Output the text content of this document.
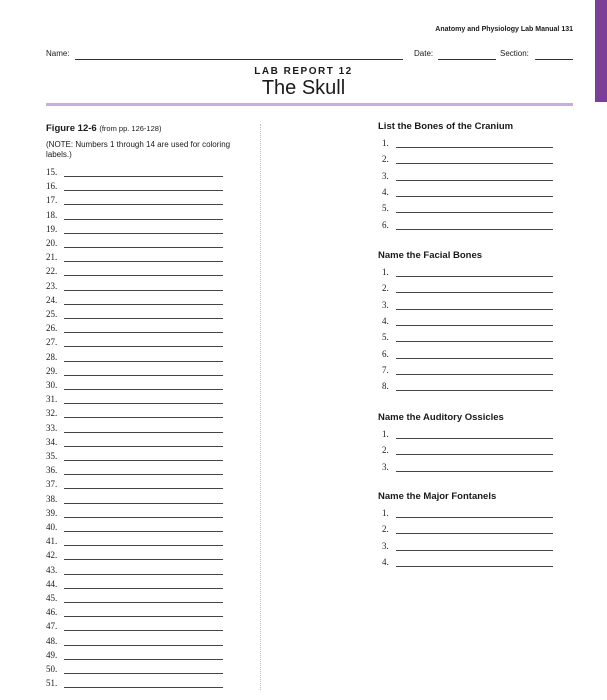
Anatomy and Physiology Lab Manual 131
Name:	Date:	Section:
LAB REPORT 12
The Skull
Figure 12-6 (from pp. 126-128)
(NOTE: Numbers 1 through 14 are used for coloring labels.)
15.
16.
17.
18.
19.
20.
21.
22.
23.
24.
25.
26.
27.
28.
29.
30.
31.
32.
33.
34.
35.
36.
37.
38.
39.
40.
41.
42.
43.
44.
45.
46.
47.
48.
49.
50.
51.
List the Bones of the Cranium
1.
2.
3.
4.
5.
6.
Name the Facial Bones
1.
2.
3.
4.
5.
6.
7.
8.
Name the Auditory Ossicles
1.
2.
3.
Name the Major Fontanels
1.
2.
3.
4.
